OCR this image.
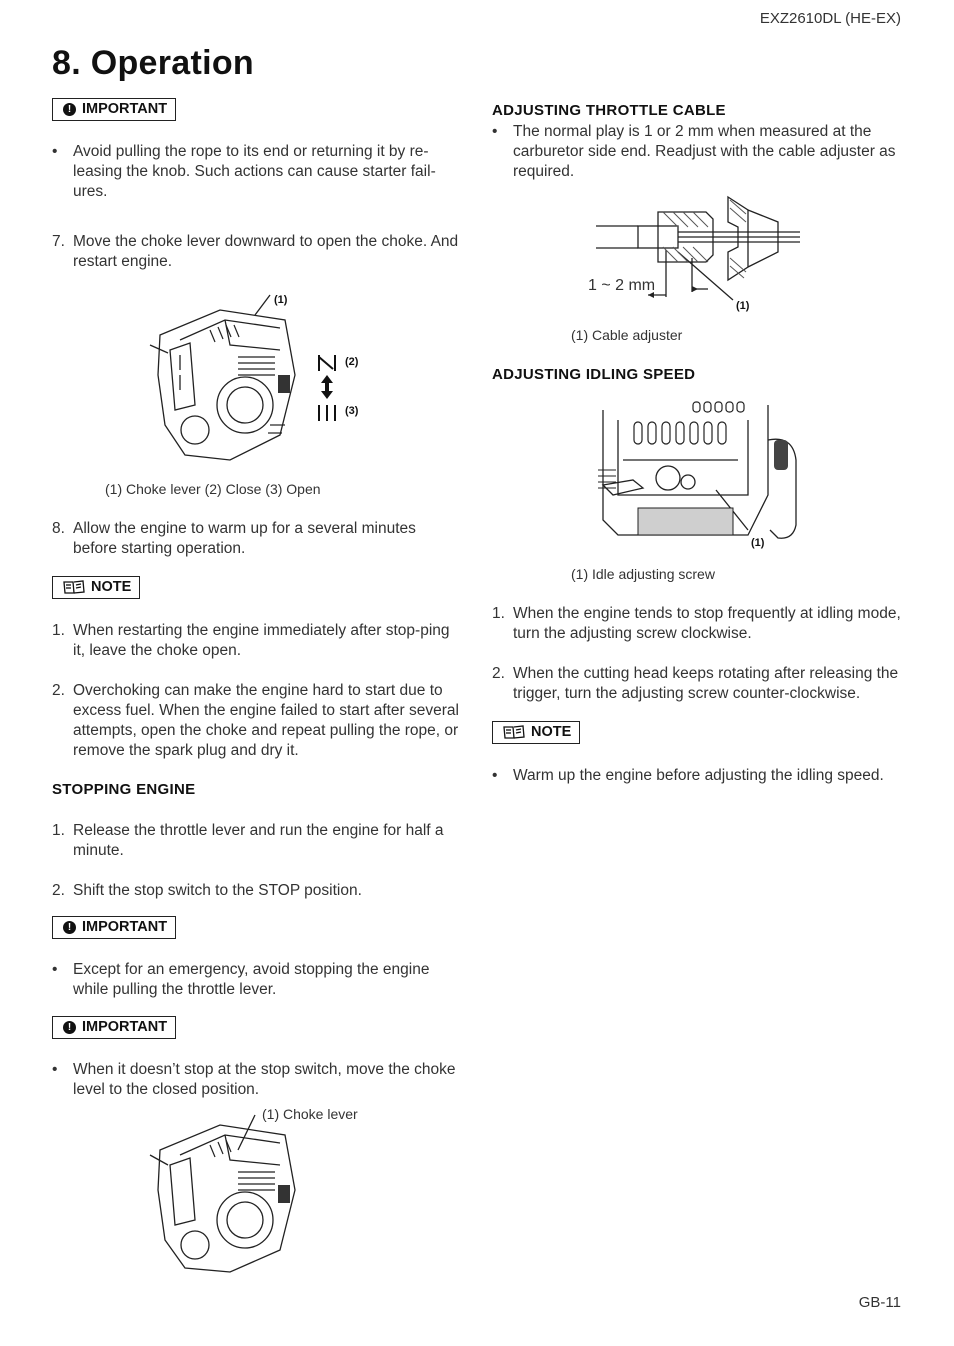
EXZ2610DL (HE-EX)
8. Operation
! IMPORTANT
• Avoid pulling the rope to its end or returning it by re-leasing the knob. Such actions can cause starter fail-ures.
7. Move the choke lever downward to open the choke. And restart engine.
(1)
(2)
(3)
(1) Choke lever (2) Close (3) Open
8. Allow the engine to warm up for a several minutes before starting operation.
NOTE
1. When restarting the engine immediately after stop-ping it, leave the choke open.
2. Overchoking can make the engine hard to start due to excess fuel. When the engine failed to start after several attempts, open the choke and repeat pulling the rope, or remove the spark plug and dry it.
STOPPING ENGINE
1. Release the throttle lever and run the engine for half a minute.
2. Shift the stop switch to the STOP position.
! IMPORTANT
• Except for an emergency, avoid stopping the engine while pulling the throttle lever.
! IMPORTANT
• When it doesn’t stop at the stop switch, move the choke level to the closed position.
(1) Choke lever
ADJUSTING THROTTLE CABLE
• The normal play is 1 or 2 mm when measured at the carburetor side end. Readjust with the cable adjuster as required.
1 ~ 2 mm
(1)
(1) Cable adjuster
ADJUSTING IDLING SPEED
(1)
(1) Idle adjusting screw
1. When the engine tends to stop frequently at idling mode, turn the adjusting screw clockwise.
2. When the cutting head keeps rotating after releasing the trigger, turn the adjusting screw counter-clockwise.
NOTE
• Warm up the engine before adjusting the idling speed.
GB-11
